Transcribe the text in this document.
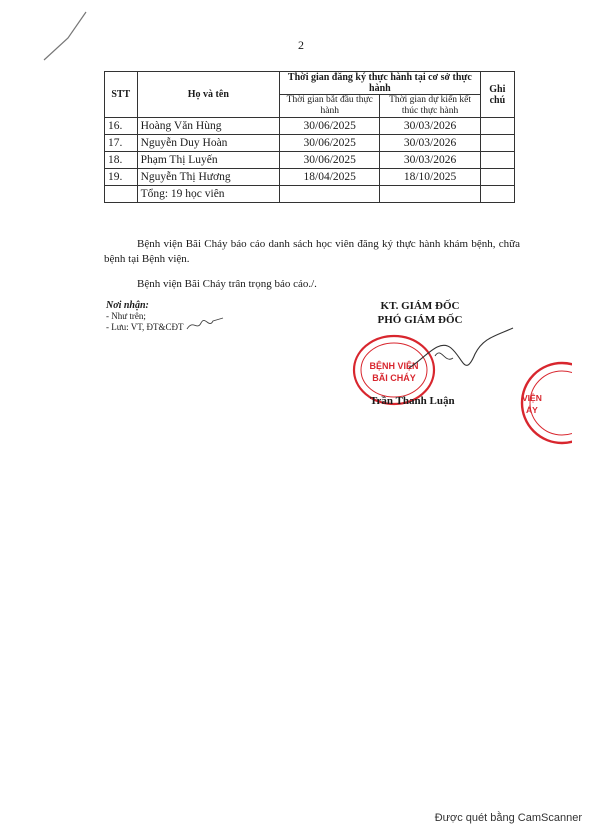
2
STT	Họ và tên	Thời gian đăng ký thực hành tại cơ sở thực hành		Ghi chú
		Thời gian bắt đầu thực hành	Thời gian dự kiến kết thúc thực hành	
16.	Hoàng Văn Hùng	30/06/2025	30/03/2026	
17.	Nguyễn Duy Hoàn	30/06/2025	30/03/2026	
18.	Phạm Thị Luyến	30/06/2025	30/03/2026	
19.	Nguyễn Thị Hương	18/04/2025	18/10/2025	
	Tổng: 19 học viên			
Bệnh viện Bãi Cháy báo cáo danh sách học viên đăng ký thực hành khám bệnh, chữa bệnh tại Bệnh viện.
Bệnh viện Bãi Cháy trân trọng báo cáo./.
Nơi nhận:
- Như trên;
- Lưu: VT, ĐT&CĐT
KT. GIÁM ĐỐC
PHÓ GIÁM ĐỐC
BỆNH VIỆN
BÃI CHÁY
Trần Thanh Luận	VIỆN
ÁY
Được quét bằng CamScanner
